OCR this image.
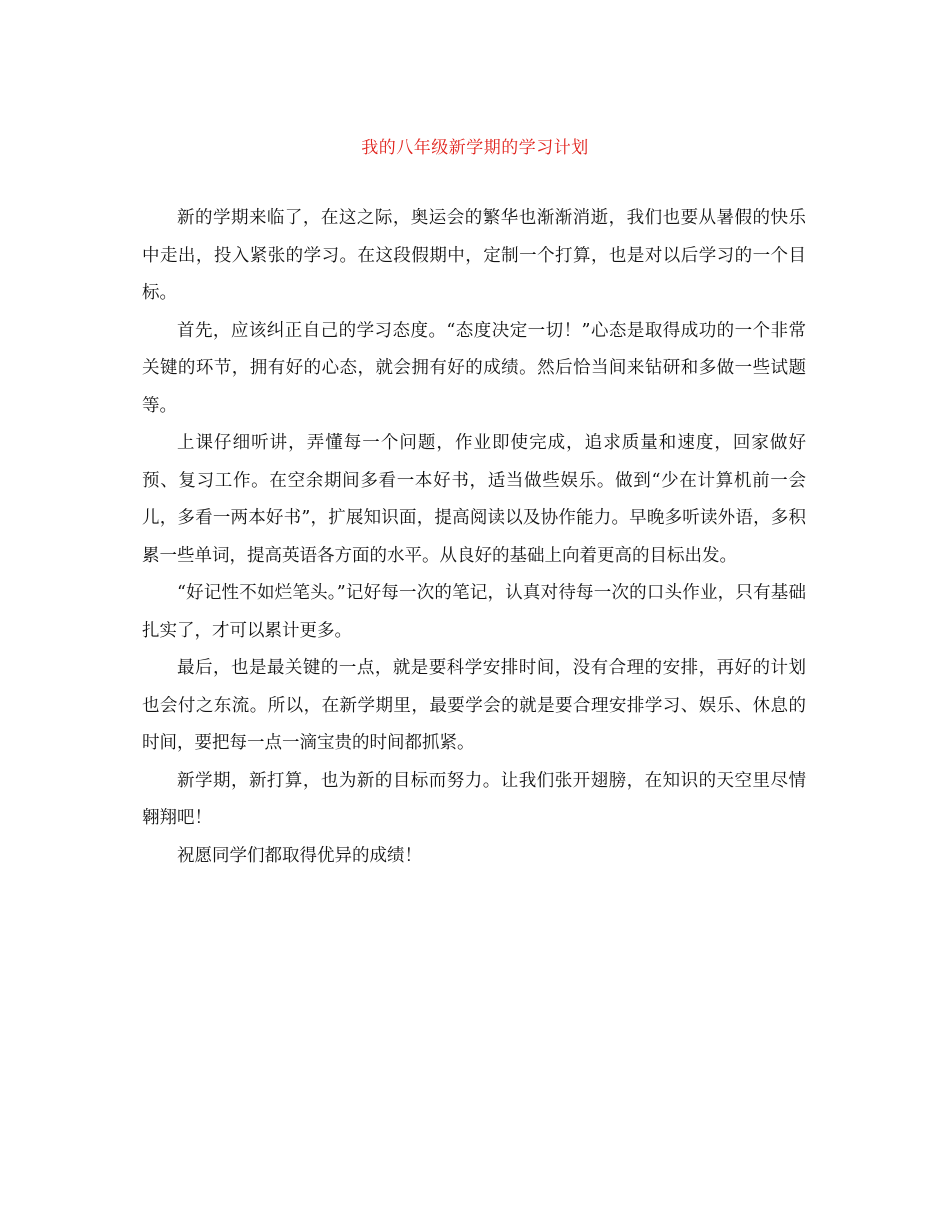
我的八年级新学期的学习计划

新的学期来临了，在这之际，奥运会的繁华也渐渐消逝，我们也要从暑假的快乐中走出，投入紧张的学习。在这段假期中，定制一个打算，也是对以后学习的一个目标。

首先，应该纠正自己的学习态度。“态度决定一切！”心态是取得成功的一个非常关键的环节，拥有好的心态，就会拥有好的成绩。然后恰当间来钻研和多做一些试题等。

上课仔细听讲，弄懂每一个问题，作业即使完成，追求质量和速度，回家做好预、复习工作。在空余期间多看一本好书，适当做些娱乐。做到“少在计算机前一会儿，多看一两本好书”，扩展知识面，提高阅读以及协作能力。早晚多听读外语，多积累一些单词，提高英语各方面的水平。从良好的基础上向着更高的目标出发。

“好记性不如烂笔头。”记好每一次的笔记，认真对待每一次的口头作业，只有基础扎实了，才可以累计更多。

最后，也是最关键的一点，就是要科学安排时间，没有合理的安排，再好的计划也会付之东流。所以，在新学期里，最要学会的就是要合理安排学习、娱乐、休息的时间，要把每一点一滴宝贵的时间都抓紧。

新学期，新打算，也为新的目标而努力。让我们张开翅膀，在知识的天空里尽情翱翔吧！

祝愿同学们都取得优异的成绩！
